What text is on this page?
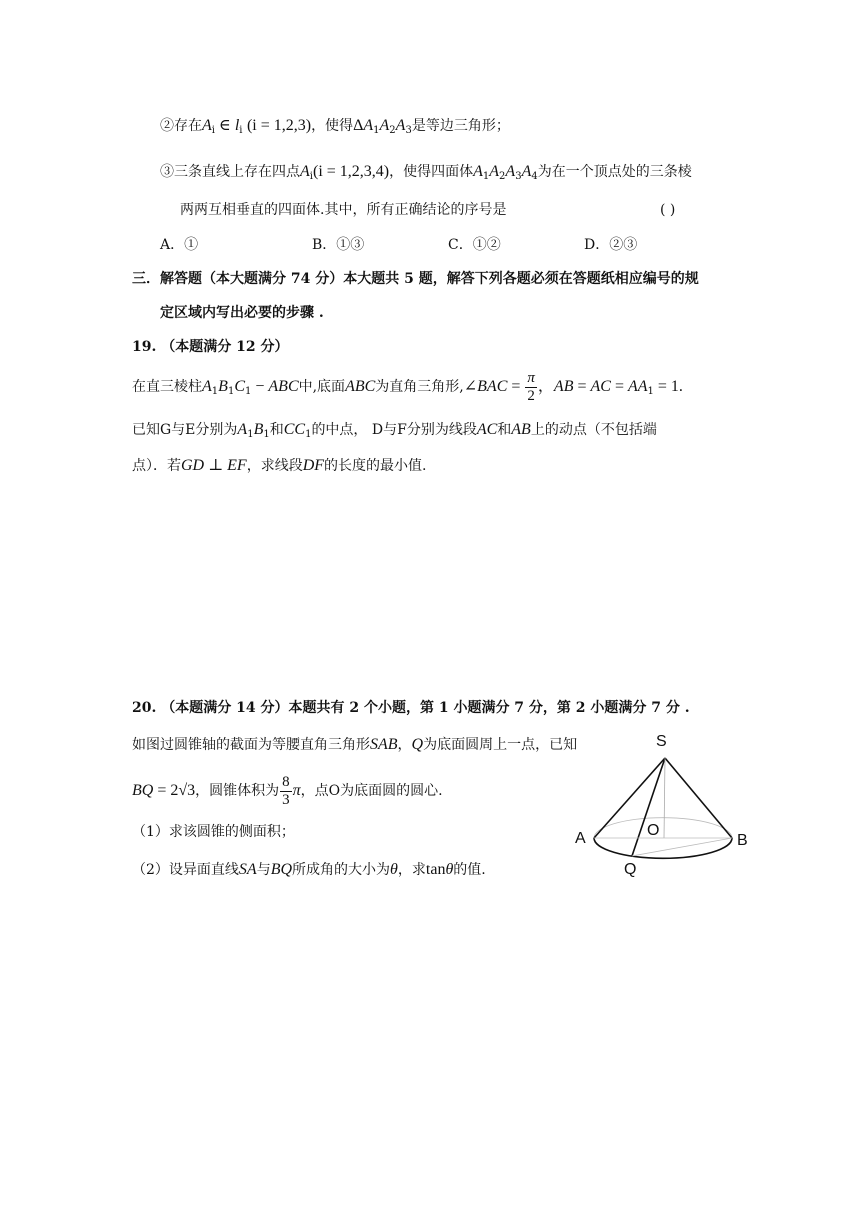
②存在$A_i$ ∈ $l_i$ (i = 1,2,3)，使得$\Delta A_1A_2A_3$是等边三角形；
③三条直线上存在四点$A_i(i = 1,2,3,4)$，使得四面体$A_1A_2A_3A_4$为在一个顶点处的三条棱
两两互相垂直的四面体.其中，所有正确结论的序号是	( )
A．①	B．①③	C．①②	D．②③
三．解答题（本大题满分 74 分）本大题共 5 题，解答下列各题必须在答题纸相应编号的规
定区域内写出必要的步骤 .
19. （本题满分 12 分）
在直三棱柱$A_1B_1C_1$ − ABC中,底面ABC为直角三角形,∠BAC = $\frac{\pi}{2}$ ，AB = AC = $AA_1 = 1$.
已知G与E分别为$A_1B_1$和$CC_1$的中点， D与F分别为线段AC和AB上的动点（不包括端
点）．若GD ⊥ EF，求线段DF的长度的最小值.
20. （本题满分 14 分）本题共有 2 个小题，第 1 小题满分 7 分，第 2 小题满分 7 分 .
如图过圆锥轴的截面为等腰直角三角形SAB，Q为底面圆周上一点，已知
BQ = 2√3，圆锥体积为 $\frac{8}{3}$ π，点O为底面圆的圆心.
（1）求该圆锥的侧面积；
（2）设异面直线SA与BQ所成角的大小为θ，求tanθ的值.
S
A	B
O
Q
